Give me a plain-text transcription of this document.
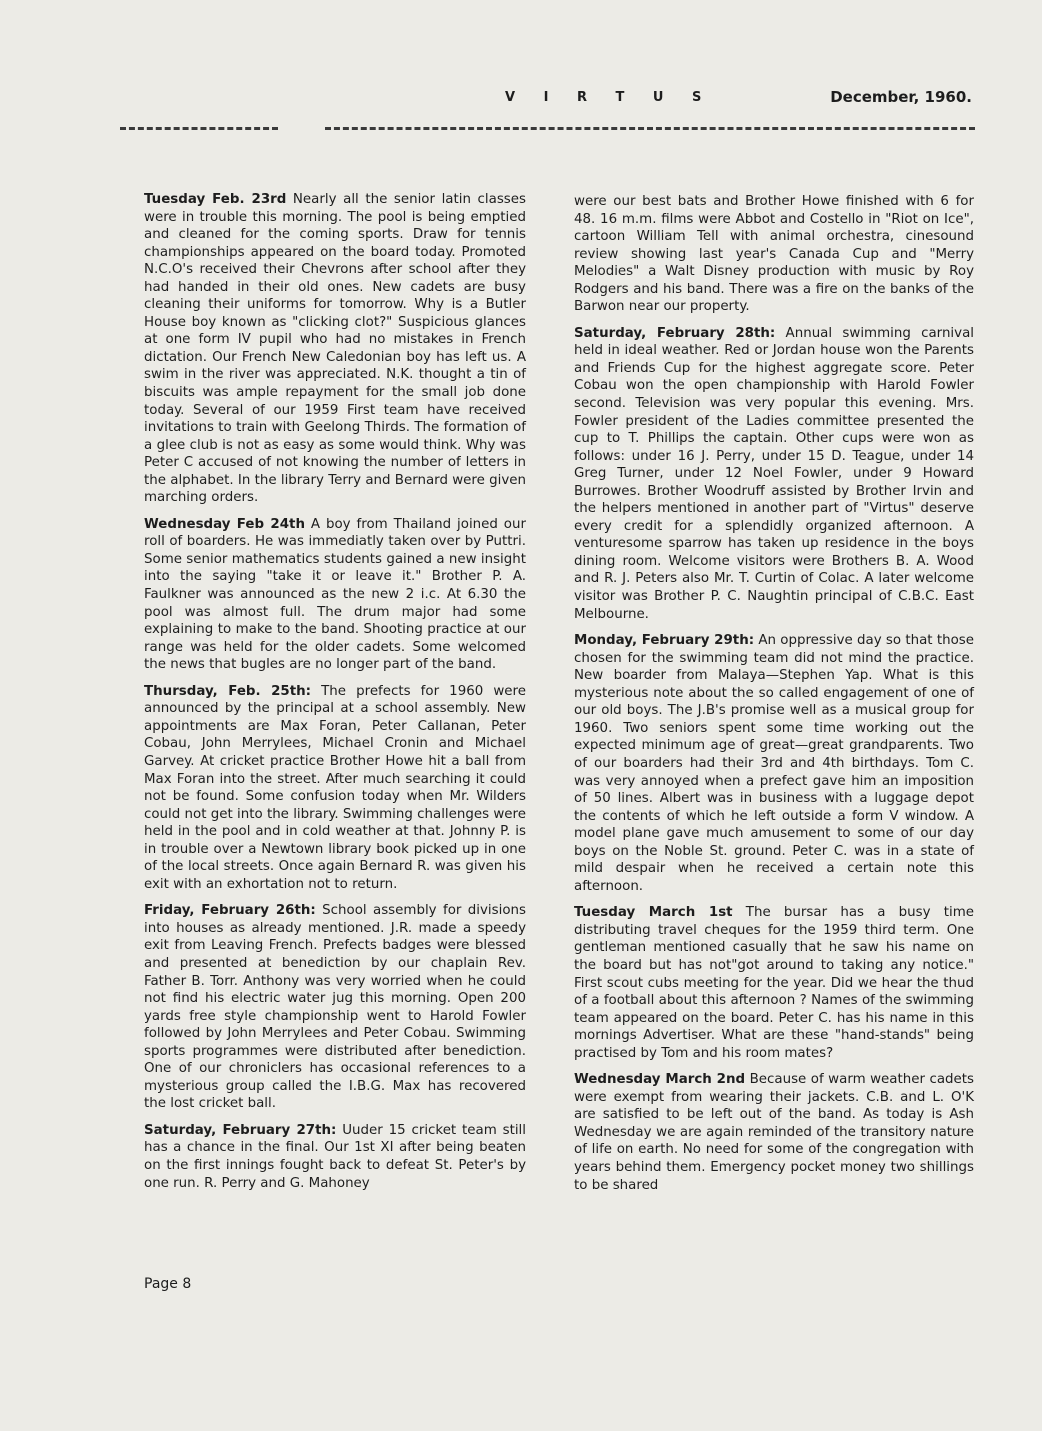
V I R T U S	December, 1960.

Tuesday Feb. 23rd Nearly all the senior latin classes were in trouble this morning. The pool is being emptied and cleaned for the coming sports. Draw for tennis championships appeared on the board today. Promoted N.C.O's received their Chevrons after school after they had handed in their old ones. New cadets are busy cleaning their uniforms for tomorrow. Why is a Butler House boy known as "clicking clot?" Suspicious glances at one form IV pupil who had no mistakes in French dictation. Our French New Caledonian boy has left us. A swim in the river was appreciated. N.K. thought a tin of biscuits was ample repayment for the small job done today. Several of our 1959 First team have received invitations to train with Geelong Thirds. The formation of a glee club is not as easy as some would think. Why was Peter C accused of not knowing the number of letters in the alphabet. In the library Terry and Bernard were given marching orders.

Wednesday Feb 24th A boy from Thailand joined our roll of boarders. He was immediatly taken over by Puttri. Some senior mathematics students gained a new insight into the saying "take it or leave it." Brother P. A. Faulkner was announced as the new 2 i.c. At 6.30 the pool was almost full. The drum major had some explaining to make to the band. Shooting practice at our range was held for the older cadets. Some welcomed the news that bugles are no longer part of the band.

Thursday, Feb. 25th: The prefects for 1960 were announced by the principal at a school assembly. New appointments are Max Foran, Peter Callanan, Peter Cobau, John Merrylees, Michael Cronin and Michael Garvey. At cricket practice Brother Howe hit a ball from Max Foran into the street. After much searching it could not be found. Some confusion today when Mr. Wilders could not get into the library. Swimming challenges were held in the pool and in cold weather at that. Johnny P. is in trouble over a Newtown library book picked up in one of the local streets. Once again Bernard R. was given his exit with an exhortation not to return.

Friday, February 26th: School assembly for divisions into houses as already mentioned. J.R. made a speedy exit from Leaving French. Prefects badges were blessed and presented at benediction by our chaplain Rev. Father B. Torr. Anthony was very worried when he could not find his electric water jug this morning. Open 200 yards free style championship went to Harold Fowler followed by John Merrylees and Peter Cobau. Swimming sports programmes were distributed after benediction. One of our chroniclers has occasional references to a mysterious group called the I.B.G. Max has recovered the lost cricket ball.

Saturday, February 27th: Uuder 15 cricket team still has a chance in the final. Our 1st XI after being beaten on the first innings fought back to defeat St. Peter's by one run. R. Perry and G. Mahoney

were our best bats and Brother Howe finished with 6 for 48. 16 m.m. films were Abbot and Costello in "Riot on Ice", cartoon William Tell with animal orchestra, cinesound review showing last year's Canada Cup and "Merry Melodies" a Walt Disney production with music by Roy Rodgers and his band. There was a fire on the banks of the Barwon near our property.

Saturday, February 28th: Annual swimming carnival held in ideal weather. Red or Jordan house won the Parents and Friends Cup for the highest aggregate score. Peter Cobau won the open championship with Harold Fowler second. Television was very popular this evening. Mrs. Fowler president of the Ladies committee presented the cup to T. Phillips the captain. Other cups were won as follows: under 16 J. Perry, under 15 D. Teague, under 14 Greg Turner, under 12 Noel Fowler, under 9 Howard Burrowes. Brother Woodruff assisted by Brother Irvin and the helpers mentioned in another part of "Virtus" deserve every credit for a splendidly organized afternoon. A venturesome sparrow has taken up residence in the boys dining room. Welcome visitors were Brothers B. A. Wood and R. J. Peters also Mr. T. Curtin of Colac. A later welcome visitor was Brother P. C. Naughtin principal of C.B.C. East Melbourne.

Monday, February 29th: An oppressive day so that those chosen for the swimming team did not mind the practice. New boarder from Malaya—Stephen Yap. What is this mysterious note about the so called engagement of one of our old boys. The J.B's promise well as a musical group for 1960. Two seniors spent some time working out the expected minimum age of great—great grandparents. Two of our boarders had their 3rd and 4th birthdays. Tom C. was very annoyed when a prefect gave him an imposition of 50 lines. Albert was in business with a luggage depot the contents of which he left outside a form V window. A model plane gave much amusement to some of our day boys on the Noble St. ground. Peter C. was in a state of mild despair when he received a certain note this afternoon.

Tuesday March 1st The bursar has a busy time distributing travel cheques for the 1959 third term. One gentleman mentioned casually that he saw his name on the board but has not"got around to taking any notice." First scout cubs meeting for the year. Did we hear the thud of a football about this afternoon ? Names of the swimming team appeared on the board. Peter C. has his name in this mornings Advertiser. What are these "hand-stands" being practised by Tom and his room mates?

Wednesday March 2nd Because of warm weather cadets were exempt from wearing their jackets. C.B. and L. O'K are satisfied to be left out of the band. As today is Ash Wednesday we are again reminded of the transitory nature of life on earth. No need for some of the congregation with years behind them. Emergency pocket money two shillings to be shared

Page 8
